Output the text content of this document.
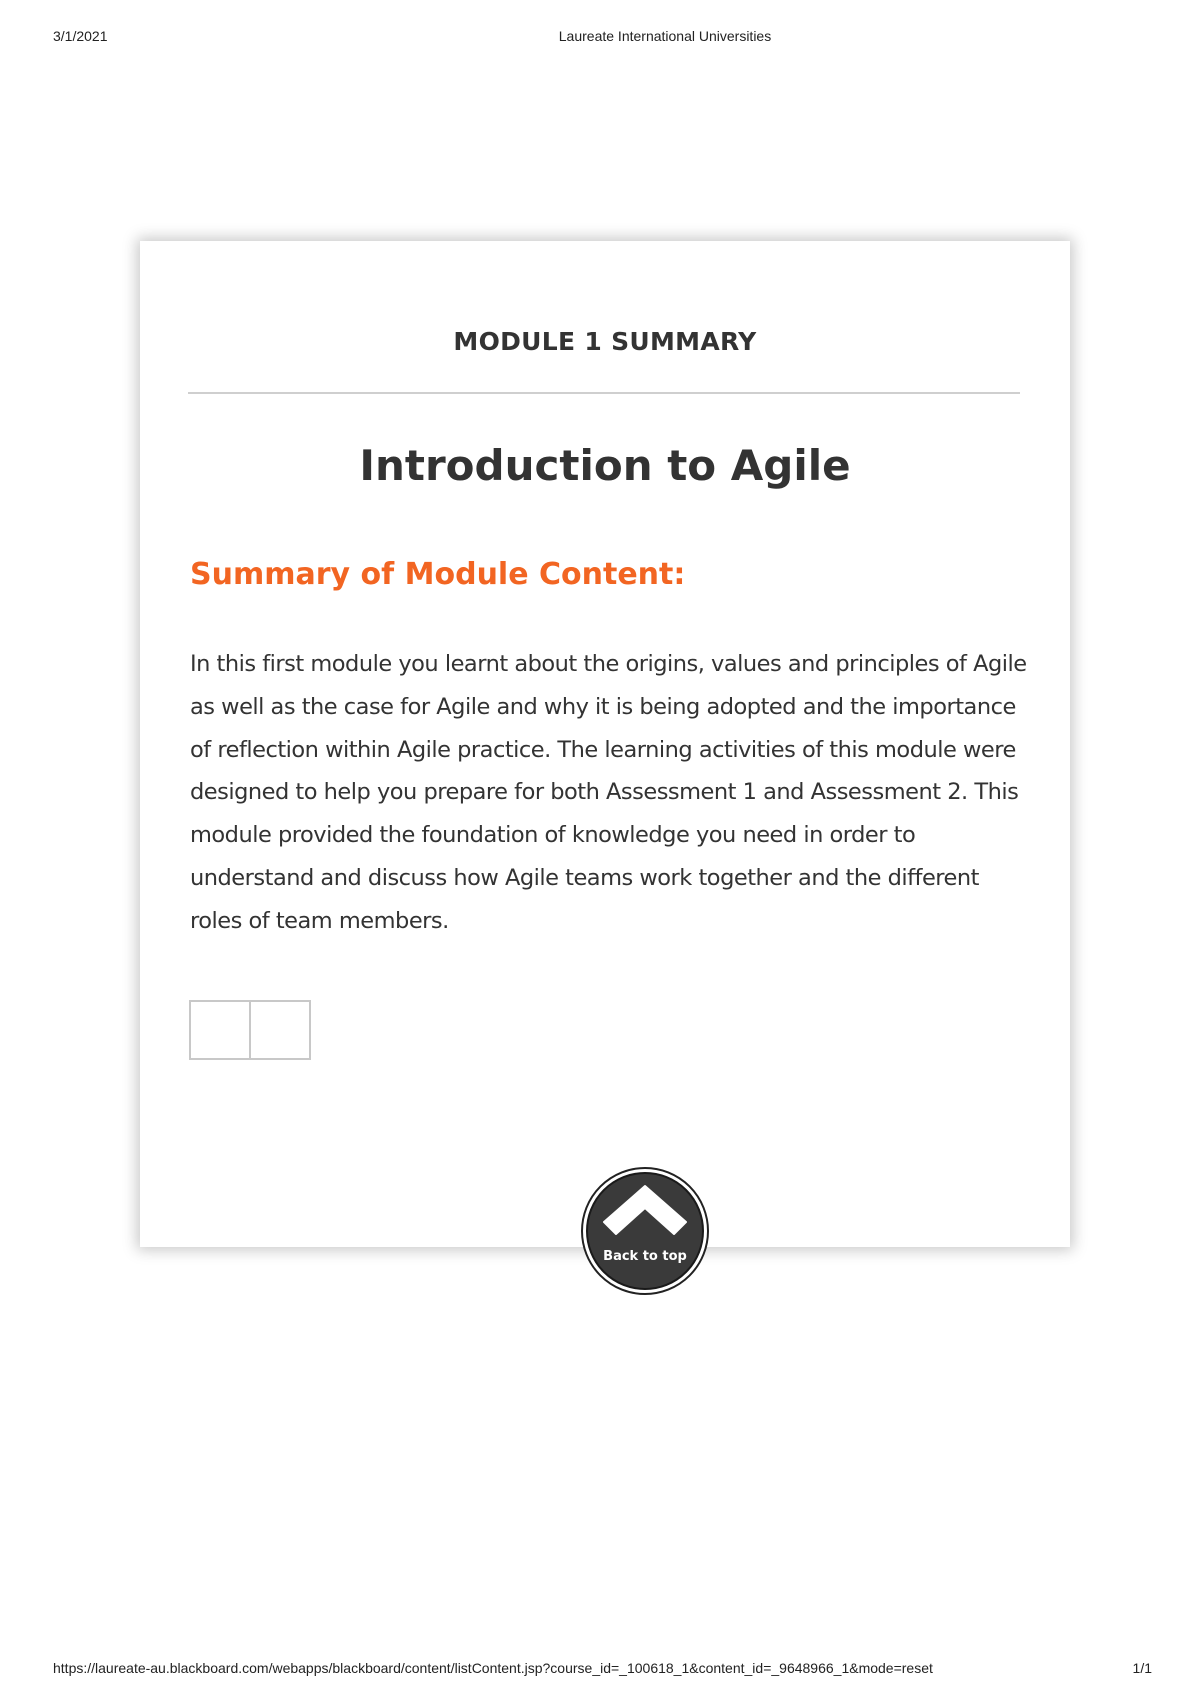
3/1/2021	Laureate International Universities
MODULE 1 SUMMARY
Introduction to Agile
Summary of Module Content:
In this first module you learnt about the origins, values and principles of Agile as well as the case for Agile and why it is being adopted and the importance of reflection within Agile practice. The learning activities of this module were designed to help you prepare for both Assessment 1 and Assessment 2. This module provided the foundation of knowledge you need in order to understand and discuss how Agile teams work together and the different roles of team members.
Back to top
https://laureate-au.blackboard.com/webapps/blackboard/content/listContent.jsp?course_id=_100618_1&content_id=_9648966_1&mode=reset	1/1
